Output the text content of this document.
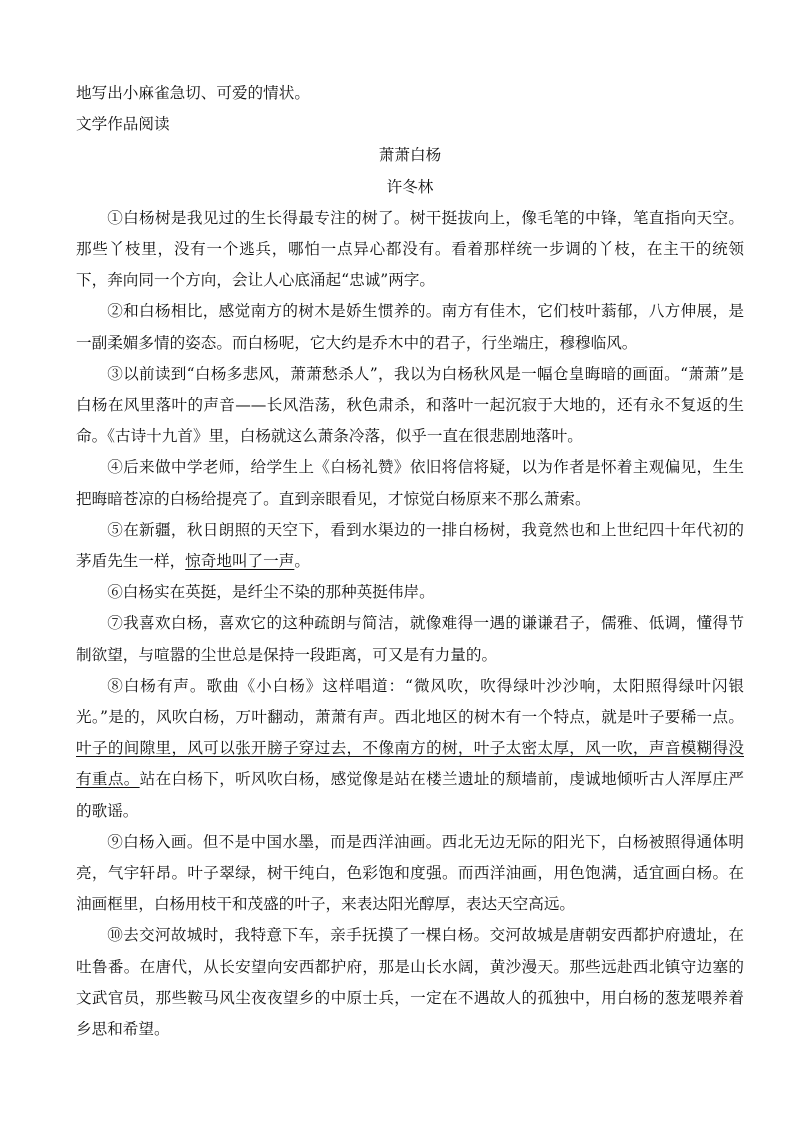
地写出小麻雀急切、可爱的情状。

文学作品阅读

萧萧白杨

许冬林

①白杨树是我见过的生长得最专注的树了。树干挺拔向上，像毛笔的中锋，笔直指向天空。那些丫枝里，没有一个逃兵，哪怕一点异心都没有。看着那样统一步调的丫枝，在主干的统领下，奔向同一个方向，会让人心底涌起“忠诚”两字。

②和白杨相比，感觉南方的树木是娇生惯养的。南方有佳木，它们枝叶蓊郁，八方伸展，是一副柔媚多情的姿态。而白杨呢，它大约是乔木中的君子，行坐端庄，穆穆临风。

③以前读到“白杨多悲风，萧萧愁杀人”，我以为白杨秋风是一幅仓皇晦暗的画面。“萧萧”是白杨在风里落叶的声音——长风浩荡，秋色肃杀，和落叶一起沉寂于大地的，还有永不复返的生命。《古诗十九首》里，白杨就这么萧条冷落，似乎一直在很悲剧地落叶。

④后来做中学老师，给学生上《白杨礼赞》依旧将信将疑，以为作者是怀着主观偏见，生生把晦暗苍凉的白杨给提亮了。直到亲眼看见，才惊觉白杨原来不那么萧索。

⑤在新疆，秋日朗照的天空下，看到水渠边的一排白杨树，我竟然也和上世纪四十年代初的茅盾先生一样，惊奇地叫了一声。

⑥白杨实在英挺，是纤尘不染的那种英挺伟岸。

⑦我喜欢白杨，喜欢它的这种疏朗与简洁，就像难得一遇的谦谦君子，儒雅、低调，懂得节制欲望，与喧嚣的尘世总是保持一段距离，可又是有力量的。

⑧白杨有声。歌曲《小白杨》这样唱道：“微风吹，吹得绿叶沙沙响，太阳照得绿叶闪银光。”是的，风吹白杨，万叶翻动，萧萧有声。西北地区的树木有一个特点，就是叶子要稀一点。叶子的间隙里，风可以张开膀子穿过去，不像南方的树，叶子太密太厚，风一吹，声音模糊得没有重点。站在白杨下，听风吹白杨，感觉像是站在楼兰遗址的颓墙前，虔诚地倾听古人浑厚庄严的歌谣。

⑨白杨入画。但不是中国水墨，而是西洋油画。西北无边无际的阳光下，白杨被照得通体明亮，气宇轩昂。叶子翠绿，树干纯白，色彩饱和度强。而西洋油画，用色饱满，适宜画白杨。在油画框里，白杨用枝干和茂盛的叶子，来表达阳光醇厚，表达天空高远。

⑩去交河故城时，我特意下车，亲手抚摸了一棵白杨。交河故城是唐朝安西都护府遗址，在吐鲁番。在唐代，从长安望向安西都护府，那是山长水阔，黄沙漫天。那些远赴西北镇守边塞的文武官员，那些鞍马风尘夜夜望乡的中原士兵，一定在不遇故人的孤独中，用白杨的葱茏喂养着乡思和希望。
